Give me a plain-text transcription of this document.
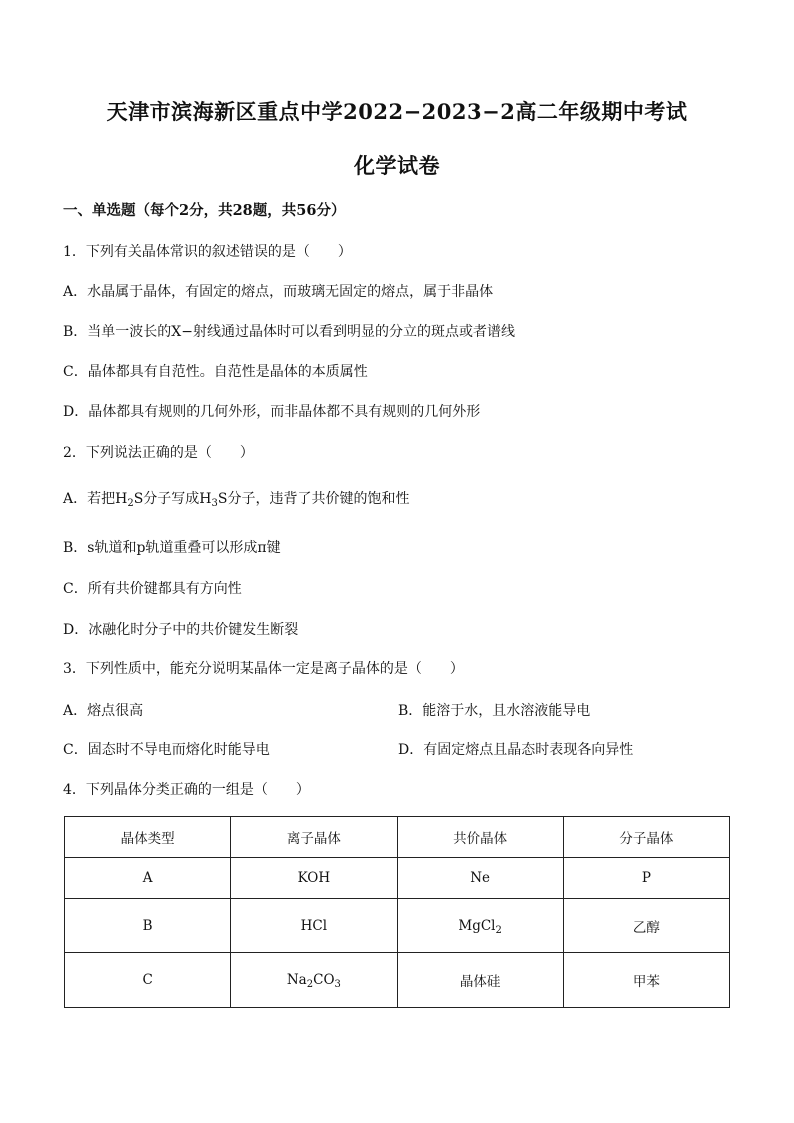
天津市滨海新区重点中学2022−2023−2高二年级期中考试
化学试卷
一、单选题（每个2分，共28题，共56分）
1．下列有关晶体常识的叙述错误的是（　　）
A．水晶属于晶体，有固定的熔点，而玻璃无固定的熔点，属于非晶体
B．当单一波长的X−射线通过晶体时可以看到明显的分立的斑点或者谱线
C．晶体都具有自范性。自范性是晶体的本质属性
D．晶体都具有规则的几何外形，而非晶体都不具有规则的几何外形
2．下列说法正确的是（　　）
A．若把$H_2S$分子写成$H_3S$分子，违背了共价键的饱和性
B．s轨道和p轨道重叠可以形成π键
C．所有共价键都具有方向性
D．冰融化时分子中的共价键发生断裂
3．下列性质中，能充分说明某晶体一定是离子晶体的是（　　）
A．熔点很高	B．能溶于水，且水溶液能导电
C．固态时不导电而熔化时能导电	D．有固定熔点且晶态时表现各向异性
4．下列晶体分类正确的一组是（　　）
晶体类型	离子晶体	共价晶体	分子晶体
A	KOH	Ne	P
B	HCl	MgCl$_2$	乙醇
C	$Na_2CO_3$	晶体硅	甲苯
